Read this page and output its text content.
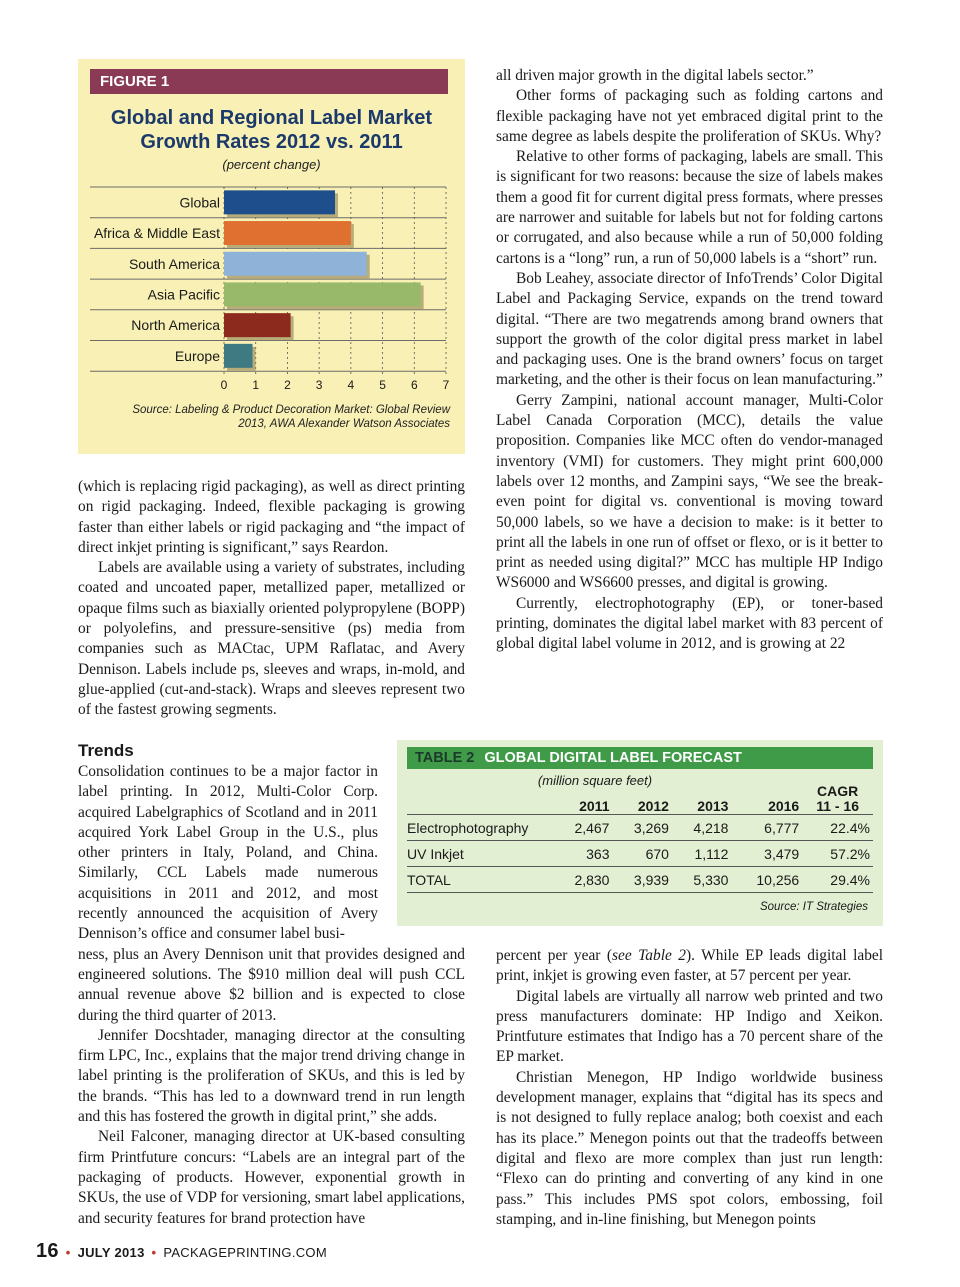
FIGURE 1
Global and Regional Label Market
Growth Rates 2012 vs. 2011
(percent change)
Global
Africa & Middle East
South America
Asia Pacific
North America
Europe
0 1 2 3 4 5 6 7
Source: Labeling & Product Decoration Market: Global Review
2013, AWA Alexander Watson Associates

(which is replacing rigid packaging), as well as direct printing on rigid packaging. Indeed, flexible packaging is growing faster than either labels or rigid packaging and “the impact of direct inkjet printing is significant,” says Reardon.

Labels are available using a variety of substrates, including coated and uncoated paper, metallized paper, metallized or opaque films such as biaxially oriented polypropylene (BOPP) or polyolefins, and pressure-sensitive (ps) media from companies such as MACtac, UPM Raflatac, and Avery Dennison. Labels include ps, sleeves and wraps, in-mold, and glue-applied (cut-and-stack). Wraps and sleeves represent two of the fastest growing segments.

Trends

Consolidation continues to be a major factor in label printing. In 2012, Multi-Color Corp. acquired Labelgraphics of Scotland and in 2011 acquired York Label Group in the U.S., plus other printers in Italy, Poland, and China. Similarly, CCL Labels made numerous acquisitions in 2011 and 2012, and most recently announced the acquisition of Avery Dennison’s office and consumer label busi-
ness, plus an Avery Dennison unit that provides designed and engineered solutions. The $910 million deal will push CCL annual revenue above $2 billion and is expected to close during the third quarter of 2013.

Jennifer Docshtader, managing director at the consulting firm LPC, Inc., explains that the major trend driving change in label printing is the proliferation of SKUs, and this is led by the brands. “This has led to a downward trend in run length and this has fostered the growth in digital print,” she adds.

Neil Falconer, managing director at UK-based consulting firm Printfuture concurs: “Labels are an integral part of the packaging of products. However, exponential growth in SKUs, the use of VDP for versioning, smart label applications, and security features for brand protection have

all driven major growth in the digital labels sector.”

Other forms of packaging such as folding cartons and flexible packaging have not yet embraced digital print to the same degree as labels despite the proliferation of SKUs. Why?

Relative to other forms of packaging, labels are small. This is significant for two reasons: because the size of labels makes them a good fit for current digital press formats, where presses are narrower and suitable for labels but not for folding cartons or corrugated, and also because while a run of 50,000 folding cartons is a “long” run, a run of 50,000 labels is a “short” run.

Bob Leahey, associate director of InfoTrends’ Color Digital Label and Packaging Service, expands on the trend toward digital. “There are two megatrends among brand owners that support the growth of the color digital press market in label and packaging uses. One is the brand owners’ focus on target marketing, and the other is their focus on lean manufacturing.”

Gerry Zampini, national account manager, Multi-Color Label Canada Corporation (MCC), details the value proposition. Companies like MCC often do vendor-managed inventory (VMI) for customers. They might print 600,000 labels over 12 months, and Zampini says, “We see the break-even point for digital vs. conventional is moving toward 50,000 labels, so we have a decision to make: is it better to print all the labels in one run of offset or flexo, or is it better to print as needed using digital?” MCC has multiple HP Indigo WS6000 and WS6600 presses, and digital is growing.

Currently, electrophotography (EP), or toner-based printing, dominates the digital label market with 83 percent of global digital label volume in 2012, and is growing at 22

TABLE 2 GLOBAL DIGITAL LABEL FORECAST
(million square feet)
	2011	2012	2013	2016	CAGR
11 - 16

Electrophotography	2,467	3,269	4,218	6,777	22.4%
UV Inkjet	363	670	1,112	3,479	57.2%
TOTAL	2,830	3,939	5,330	10,256	29.4%
Source: IT Strategies

percent per year (see Table 2). While EP leads digital label print, inkjet is growing even faster, at 57 percent per year.

Digital labels are virtually all narrow web printed and two press manufacturers dominate: HP Indigo and Xeikon. Printfuture estimates that Indigo has a 70 percent share of the EP market.

Christian Menegon, HP Indigo worldwide business development manager, explains that “digital has its specs and is not designed to fully replace analog; both coexist and each has its place.” Menegon points out that the tradeoffs between digital and flexo are more complex than just run length: “Flexo can do printing and converting of any kind in one pass.” This includes PMS spot colors, embossing, foil stamping, and in-line finishing, but Menegon points

16 • JULY 2013 • PACKAGEPRINTING.COM
